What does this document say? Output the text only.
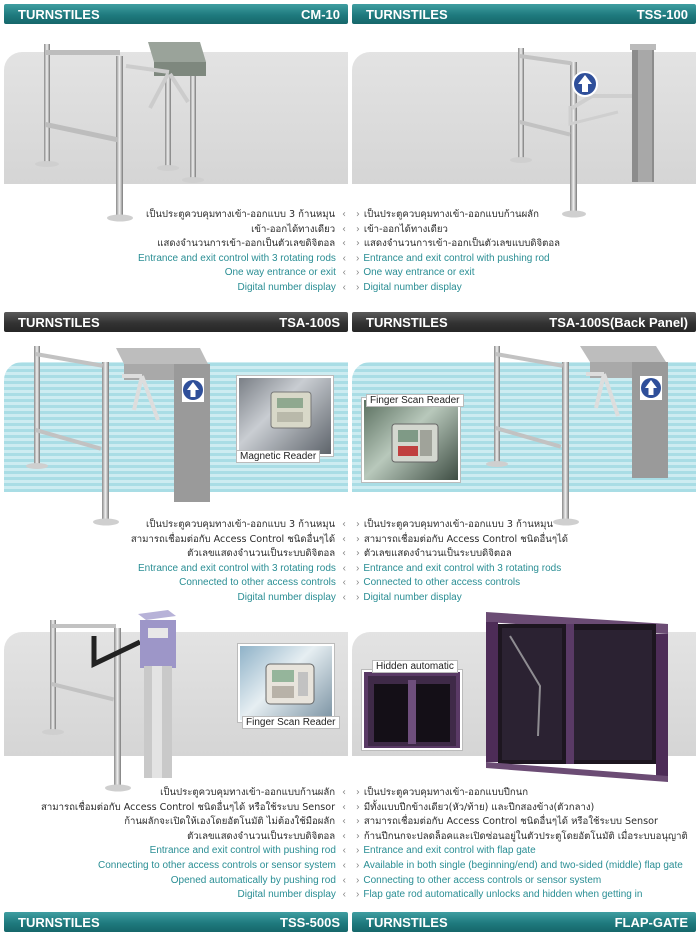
TURNSTILES	CM-10 TURNSTILES	TSS-100
เป็นประตูควบคุมทางเข้า-ออกแบบ 3 ก้านหมุน ‹
เข้า-ออกได้ทางเดียว ‹
แสดงจำนวนการเข้า-ออกเป็นตัวเลขดิจิตอล ‹
Entrance and exit control with 3 rotating rods ‹
One way entrance or exit ‹
Digital number display ‹
› เป็นประตูควบคุมทางเข้า-ออกแบบก้านผลัก
› เข้า-ออกได้ทางเดียว
› แสดงจำนวนการเข้า-ออกเป็นตัวเลขแบบดิจิตอล
› Entrance and exit control with pushing rod
› One way entrance or exit
› Digital number display
TURNSTILES	TSA-100S TURNSTILES	TSA-100S(Back Panel)
Magnetic Reader
Finger Scan Reader
เป็นประตูควบคุมทางเข้า-ออกแบบ 3 ก้านหมุน ‹
สามารถเชื่อมต่อกับ Access Control ชนิดอื่นๆได้ ‹
ตัวเลขแสดงจำนวนเป็นระบบดิจิตอล ‹
Entrance and exit control with 3 rotating rods ‹
Connected to other access controls ‹
Digital number display ‹
› เป็นประตูควบคุมทางเข้า-ออกแบบ 3 ก้านหมุน
› สามารถเชื่อมต่อกับ Access Control ชนิดอื่นๆได้
› ตัวเลขแสดงจำนวนเป็นระบบดิจิตอล
› Entrance and exit control with 3 rotating rods
› Connected to other access controls
› Digital number display
Finger Scan Reader
Hidden automatic
เป็นประตูควบคุมทางเข้า-ออกแบบก้านผลัก ‹
สามารถเชื่อมต่อกับ Access Control ชนิดอื่นๆได้ หรือใช้ระบบ Sensor ‹
ก้านผลักจะเปิดให้เองโดยอัตโนมัติ ไม่ต้องใช้มือผลัก ‹
ตัวเลขแสดงจำนวนเป็นระบบดิจิตอล ‹
Entrance and exit control with pushing rod ‹
Connecting to other access controls or sensor system ‹
Opened automatically by pushing rod ‹
Digital number display ‹
› เป็นประตูควบคุมทางเข้า-ออกแบบปีกนก
› มีทั้งแบบปีกข้างเดียว(หัว/ท้าย) และปีกสองข้าง(ตัวกลาง)
› สามารถเชื่อมต่อกับ Access Control ชนิดอื่นๆได้ หรือใช้ระบบ Sensor
› ก้านปีกนกจะปลดล็อคและเปิดซ่อนอยู่ในตัวประตูโดยอัตโนมัติ เมื่อระบบอนุญาติ
› Entrance and exit control with flap gate
› Available in both single (beginning/end) and two-sided (middle) flap gate
› Connecting to other access controls or sensor system
› Flap gate rod automatically unlocks and hidden when getting in
TURNSTILES	TSS-500S TURNSTILES	FLAP-GATE
